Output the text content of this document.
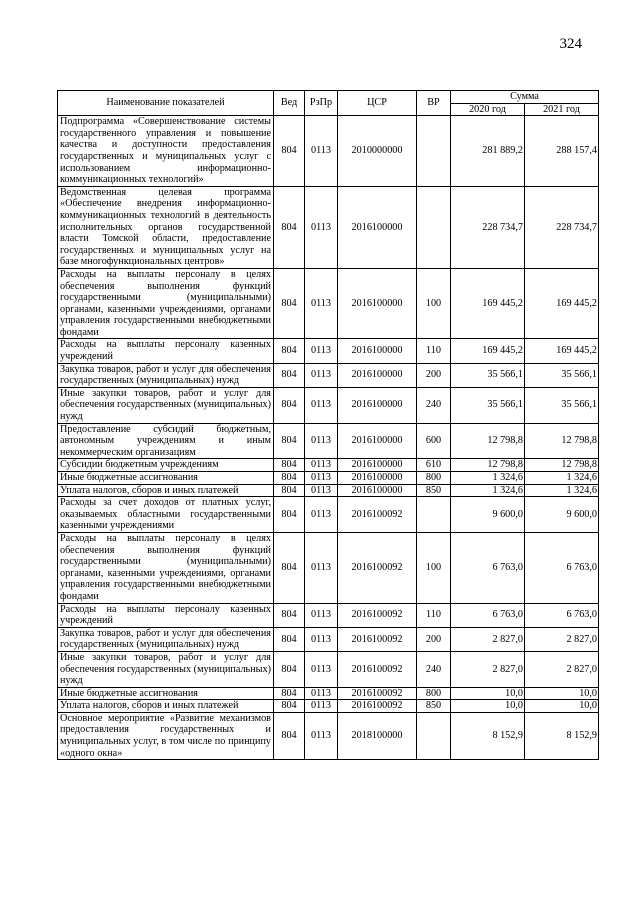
324
Наименование показателей	Вед	РзПр	ЦСР	ВР	Сумма	
					2020 год	2021 год
Подпрограмма «Совершенствование системы государственного управления и повышение качества и доступности предоставления государственных и муниципальных услуг с использованием информационно-коммуникационных технологий»	804	0113	2010000000		281 889,2	288 157,4
Ведомственная целевая программа «Обеспечение внедрения информационно-коммуникационных технологий в деятельность исполнительных органов государственной власти Томской области, предоставление государственных и муниципальных услуг на базе многофункциональных центров»	804	0113	2016100000		228 734,7	228 734,7
Расходы на выплаты персоналу в целях обеспечения выполнения функций государственными (муниципальными) органами, казенными учреждениями, органами управления государственными внебюджетными фондами	804	0113	2016100000	100	169 445,2	169 445,2
Расходы на выплаты персоналу казенных учреждений	804	0113	2016100000	110	169 445,2	169 445,2
Закупка товаров, работ и услуг для обеспечения государственных (муниципальных) нужд	804	0113	2016100000	200	35 566,1	35 566,1
Иные закупки товаров, работ и услуг для обеспечения государственных (муниципальных) нужд	804	0113	2016100000	240	35 566,1	35 566,1
Предоставление субсидий бюджетным, автономным учреждениям и иным некоммерческим организациям	804	0113	2016100000	600	12 798,8	12 798,8
Субсидии бюджетным учреждениям	804	0113	2016100000	610	12 798,8	12 798,8
Иные бюджетные ассигнования	804	0113	2016100000	800	1 324,6	1 324,6
Уплата налогов, сборов и иных платежей	804	0113	2016100000	850	1 324,6	1 324,6
Расходы за счет доходов от платных услуг, оказываемых областными государственными казенными учреждениями	804	0113	2016100092		9 600,0	9 600,0
Расходы на выплаты персоналу в целях обеспечения выполнения функций государственными (муниципальными) органами, казенными учреждениями, органами управления государственными внебюджетными фондами	804	0113	2016100092	100	6 763,0	6 763,0
Расходы на выплаты персоналу казенных учреждений	804	0113	2016100092	110	6 763,0	6 763,0
Закупка товаров, работ и услуг для обеспечения государственных (муниципальных) нужд	804	0113	2016100092	200	2 827,0	2 827,0
Иные закупки товаров, работ и услуг для обеспечения государственных (муниципальных) нужд	804	0113	2016100092	240	2 827,0	2 827,0
Иные бюджетные ассигнования	804	0113	2016100092	800	10,0	10,0
Уплата налогов, сборов и иных платежей	804	0113	2016100092	850	10,0	10,0
Основное мероприятие «Развитие механизмов предоставления государственных и муниципальных услуг, в том числе по принципу «одного окна»	804	0113	2018100000		8 152,9	8 152,9
